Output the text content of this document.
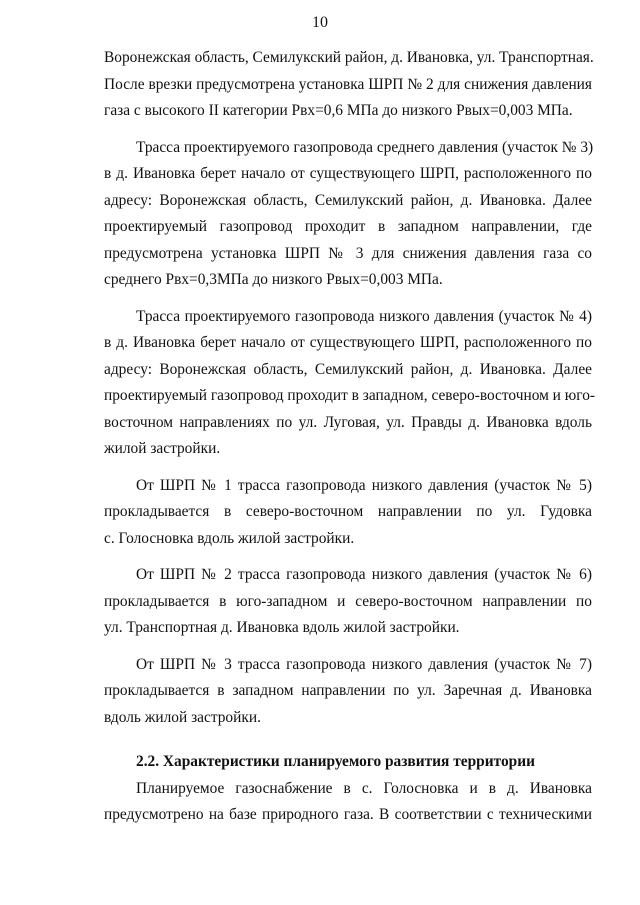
10
Воронежская область, Семилукский район, д. Ивановка, ул. Транспортная.
После врезки предусмотрена установка ШРП № 2 для снижения давления
газа с высокого II категории Рвх=0,6 МПа до низкого Рвых=0,003 МПа.
Трасса проектируемого газопровода среднего давления (участок № 3)
в д. Ивановка берет начало от существующего ШРП, расположенного по
адресу: Воронежская область, Семилукский район, д. Ивановка. Далее
проектируемый газопровод проходит в западном направлении, где
предусмотрена установка ШРП № 3 для снижения давления газа со
среднего Рвх=0,3МПа до низкого Рвых=0,003 МПа.
Трасса проектируемого газопровода низкого давления (участок № 4)
в д. Ивановка берет начало от существующего ШРП, расположенного по
адресу: Воронежская область, Семилукский район, д. Ивановка. Далее
проектируемый газопровод проходит в западном, северо-восточном и юго-
восточном направлениях по ул. Луговая, ул. Правды д. Ивановка вдоль
жилой застройки.
От ШРП № 1 трасса газопровода низкого давления (участок № 5)
прокладывается в северо-восточном направлении по ул. Гудовка
с. Голосновка вдоль жилой застройки.
От ШРП № 2 трасса газопровода низкого давления (участок № 6)
прокладывается в юго-западном и северо-восточном направлении по
ул. Транспортная д. Ивановка вдоль жилой застройки.
От ШРП № 3 трасса газопровода низкого давления (участок № 7)
прокладывается в западном направлении по ул. Заречная д. Ивановка
вдоль жилой застройки.
2.2. Характеристики планируемого развития территории
Планируемое газоснабжение в с. Голосновка и в д. Ивановка
предусмотрено на базе природного газа. В соответствии с техническими
